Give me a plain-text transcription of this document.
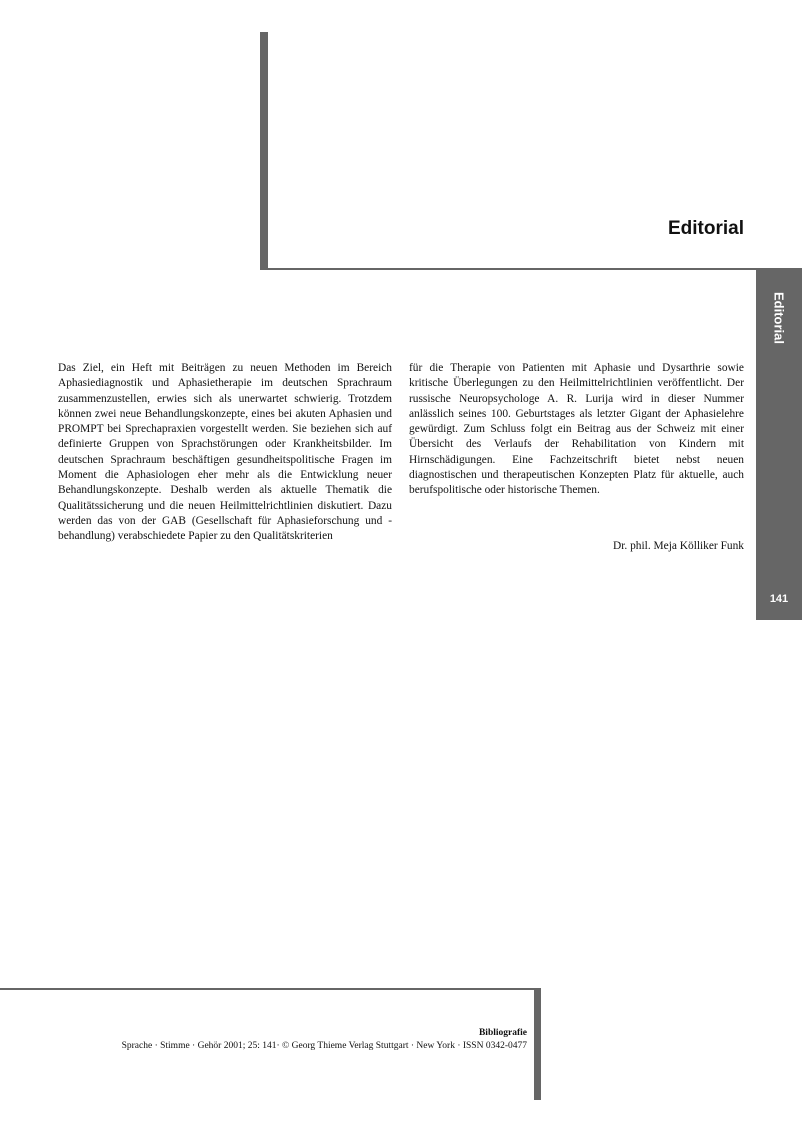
Editorial
Editorial
141

Das Ziel, ein Heft mit Beiträgen zu neuen Methoden im Bereich Aphasiediagnostik und Aphasietherapie im deutschen Sprachraum zusammenzustellen, erwies sich als unerwartet schwierig. Trotzdem können zwei neue Behandlungskonzepte, eines bei akuten Aphasien und PROMPT bei Sprechapraxien vorgestellt werden. Sie beziehen sich auf definierte Gruppen von Sprachstörungen oder Krankheitsbilder. Im deutschen Sprachraum beschäftigen gesundheitspolitische Fragen im Moment die Aphasiologen eher mehr als die Entwicklung neuer Behandlungskonzepte. Deshalb werden als aktuelle Thematik die Qualitätssicherung und die neuen Heilmittelrichtlinien diskutiert. Dazu werden das von der GAB (Gesellschaft für Aphasieforschung und -behandlung) verabschiedete Papier zu den Qualitätskriterien

für die Therapie von Patienten mit Aphasie und Dysarthrie sowie kritische Überlegungen zu den Heilmittelrichtlinien veröffentlicht. Der russische Neuropsychologe A. R. Lurija wird in dieser Nummer anlässlich seines 100. Geburtstages als letzter Gigant der Aphasielehre gewürdigt. Zum Schluss folgt ein Beitrag aus der Schweiz mit einer Übersicht des Verlaufs der Rehabilitation von Kindern mit Hirnschädigungen. Eine Fachzeitschrift bietet nebst neuen diagnostischen und therapeutischen Konzepten Platz für aktuelle, auch berufspolitische oder historische Themen.

Dr. phil. Meja Kölliker Funk

Bibliografie

Sprache · Stimme · Gehör 2001; 25: 141· © Georg Thieme Verlag Stuttgart · New York · ISSN 0342-0477
